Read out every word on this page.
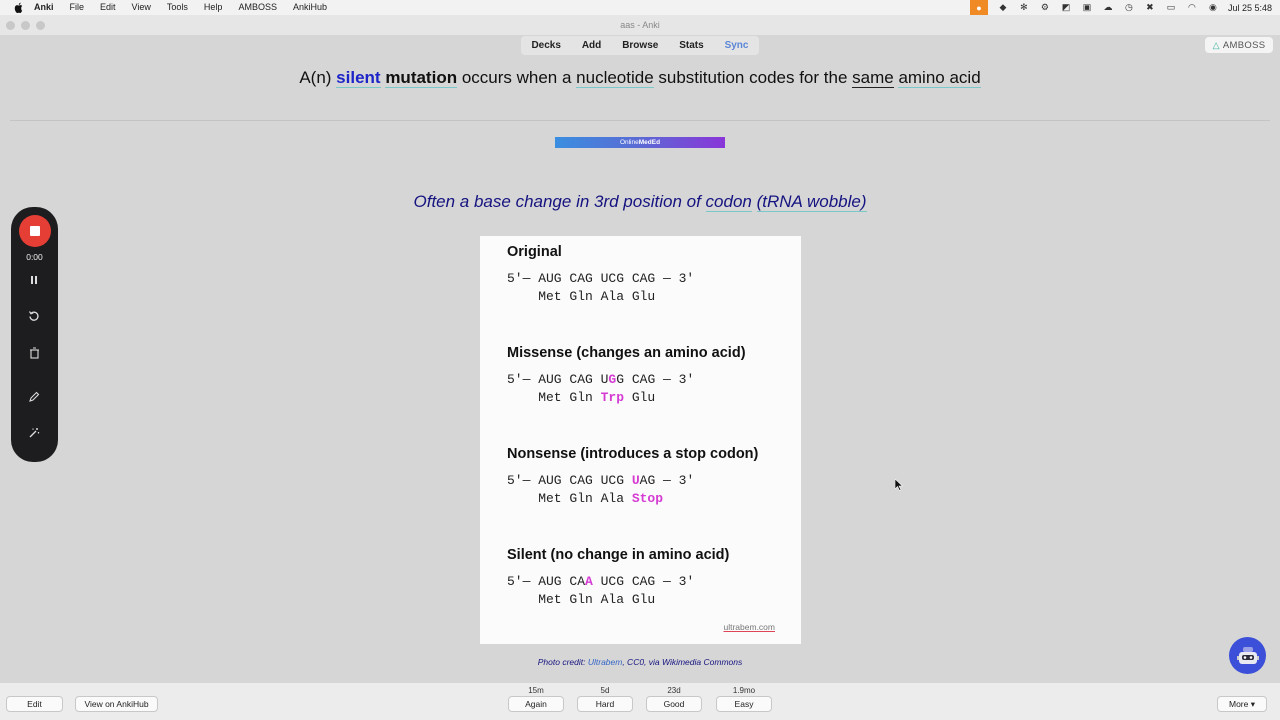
Anki	File	Edit	View	Tools	Help	AMBOSS	AnkiHub	●	◆ ✻ ⚙ ◩ ▣ ☁ ◷ ✖ ▭ ◠ ◉ Jul 25 5:48
aas - Anki
Decks Add Browse Stats Sync	△ AMBOSS
A(n) silent mutation occurs when a nucleotide substitution codes for the same amino acid
Online MedEd
Often a base change in 3rd position of codon (tRNA wobble)
Original
5'— AUG CAG UCG CAG — 3'
Met Gln Ala Glu
Missense (changes an amino acid)
5'— AUG CAG UGG CAG — 3'
Met Gln Trp Glu
Nonsense (introduces a stop codon)
5'— AUG CAG UCG UAG — 3'
Met Gln Ala Stop
Silent (no change in amino acid)
5'— AUG CAA UCG CAG — 3'
Met Gln Ala Glu
ultrabem.com
Photo credit: Ultrabem, CC0, via Wikimedia Commons
0:00
Edit	View on AnkiHub
15m
Again
5d
Hard
23d
Good
1.9mo
Easy	More ▾
